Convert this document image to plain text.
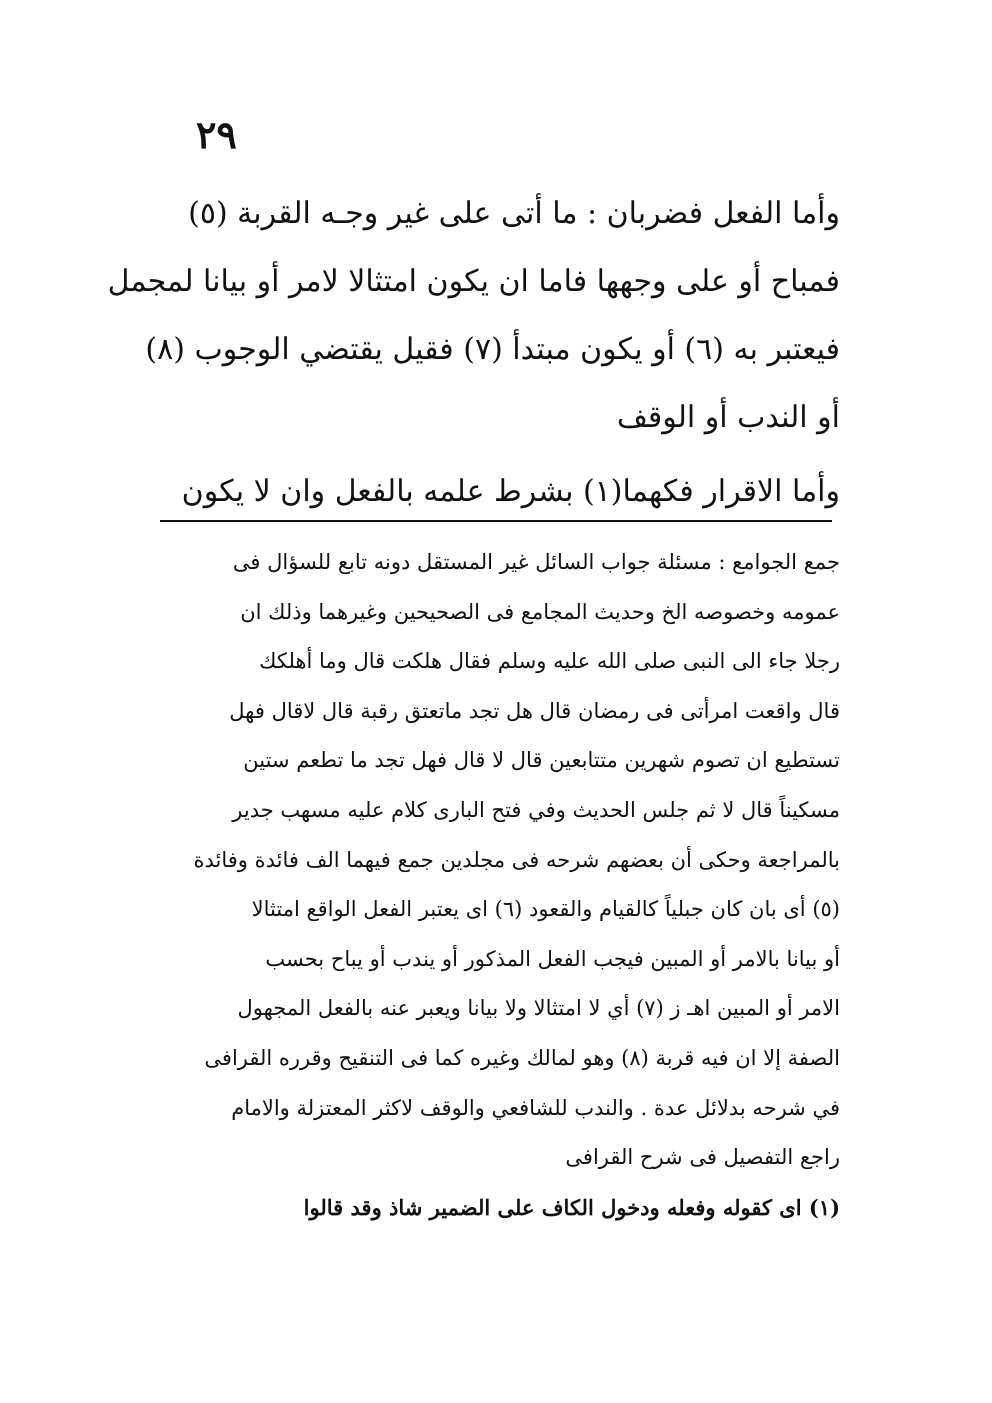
٢٩
وأما الفعل فضربان : ما أتى على غير وجـه القربة (٥)
فمباح أو على وجهها فاما ان يكون امتثالا لامر أو بيانا لمجمل
فيعتبر به (٦) أو يكون مبتدأ (٧) فقيل يقتضي الوجوب (٨)
أو الندب أو الوقف
وأما الاقرار فكهما(١) بشرط علمه بالفعل وان لا يكون
جمع الجوامع : مسئلة جواب السائل غير المستقل دونه تابع للسؤال فى
عمومه وخصوصه الخ وحديث المجامع فى الصحيحين وغيرهما وذلك ان
رجلا جاء الى النبى صلى الله عليه وسلم فقال هلكت قال وما أهلكك
قال واقعت امرأتى فى رمضان قال هل تجد ماتعتق رقبة قال لاقال فهل
تستطيع ان تصوم شهرين متتابعين قال لا قال فهل تجد ما تطعم ستين
مسكيناً قال لا ثم جلس الحديث وفي فتح البارى كلام عليه مسهب جدير
بالمراجعة وحكى أن بعضهم شرحه فى مجلدين جمع فيهما الف فائدة وفائدة
(٥) أى بان كان جبلياً كالقيام والقعود (٦) اى يعتبر الفعل الواقع امتثالا
أو بيانا بالامر أو المبين فيجب الفعل المذكور أو يندب أو يباح بحسب
الامر أو المبين اهـ ز (٧) أي لا امتثالا ولا بيانا ويعبر عنه بالفعل المجهول
الصفة إلا ان فيه قربة (٨) وهو لمالك وغيره كما فى التنقيح وقرره القرافى
في شرحه بدلائل عدة . والندب للشافعي والوقف لاكثر المعتزلة والامام
راجع التفصيل فى شرح القرافى
(١) اى كقوله وفعله ودخول الكاف على الضمير شاذ وقد قالوا
